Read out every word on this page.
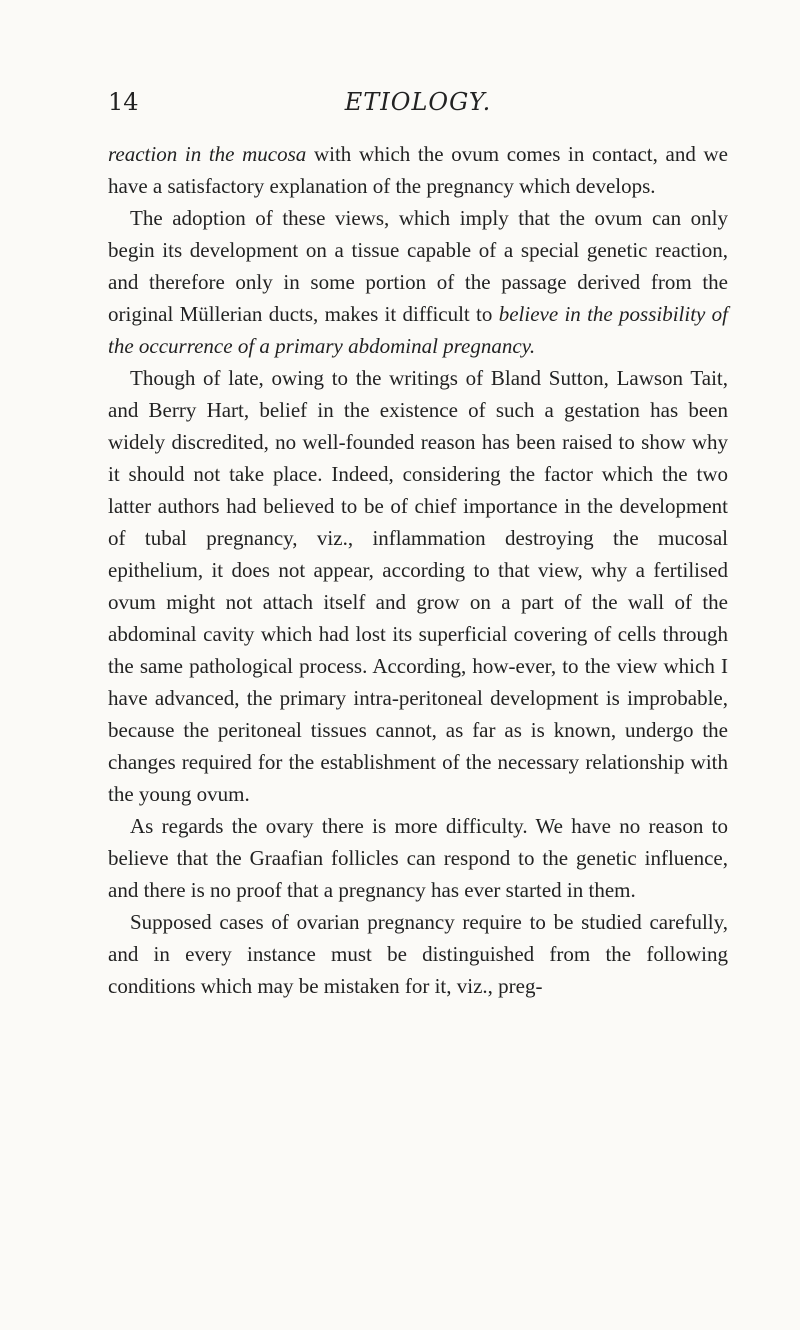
14	ETIOLOGY.

reaction in the mucosa with which the ovum comes in contact, and we have a satisfactory explanation of the pregnancy which develops.

The adoption of these views, which imply that the ovum can only begin its development on a tissue capable of a special genetic reaction, and therefore only in some portion of the passage derived from the original Müllerian ducts, makes it difficult to believe in the possibility of the occurrence of a primary abdominal pregnancy.

Though of late, owing to the writings of Bland Sutton, Lawson Tait, and Berry Hart, belief in the existence of such a gestation has been widely discredited, no well-founded reason has been raised to show why it should not take place. Indeed, considering the factor which the two latter authors had believed to be of chief importance in the development of tubal pregnancy, viz., inflammation destroying the mucosal epithelium, it does not appear, according to that view, why a fertilised ovum might not attach itself and grow on a part of the wall of the abdominal cavity which had lost its superficial covering of cells through the same pathological process. According, how-ever, to the view which I have advanced, the primary intra-peritoneal development is improbable, because the peritoneal tissues cannot, as far as is known, undergo the changes required for the establishment of the necessary relationship with the young ovum.

As regards the ovary there is more difficulty. We have no reason to believe that the Graafian follicles can respond to the genetic influence, and there is no proof that a pregnancy has ever started in them.

Supposed cases of ovarian pregnancy require to be studied carefully, and in every instance must be distinguished from the following conditions which may be mistaken for it, viz., preg-
